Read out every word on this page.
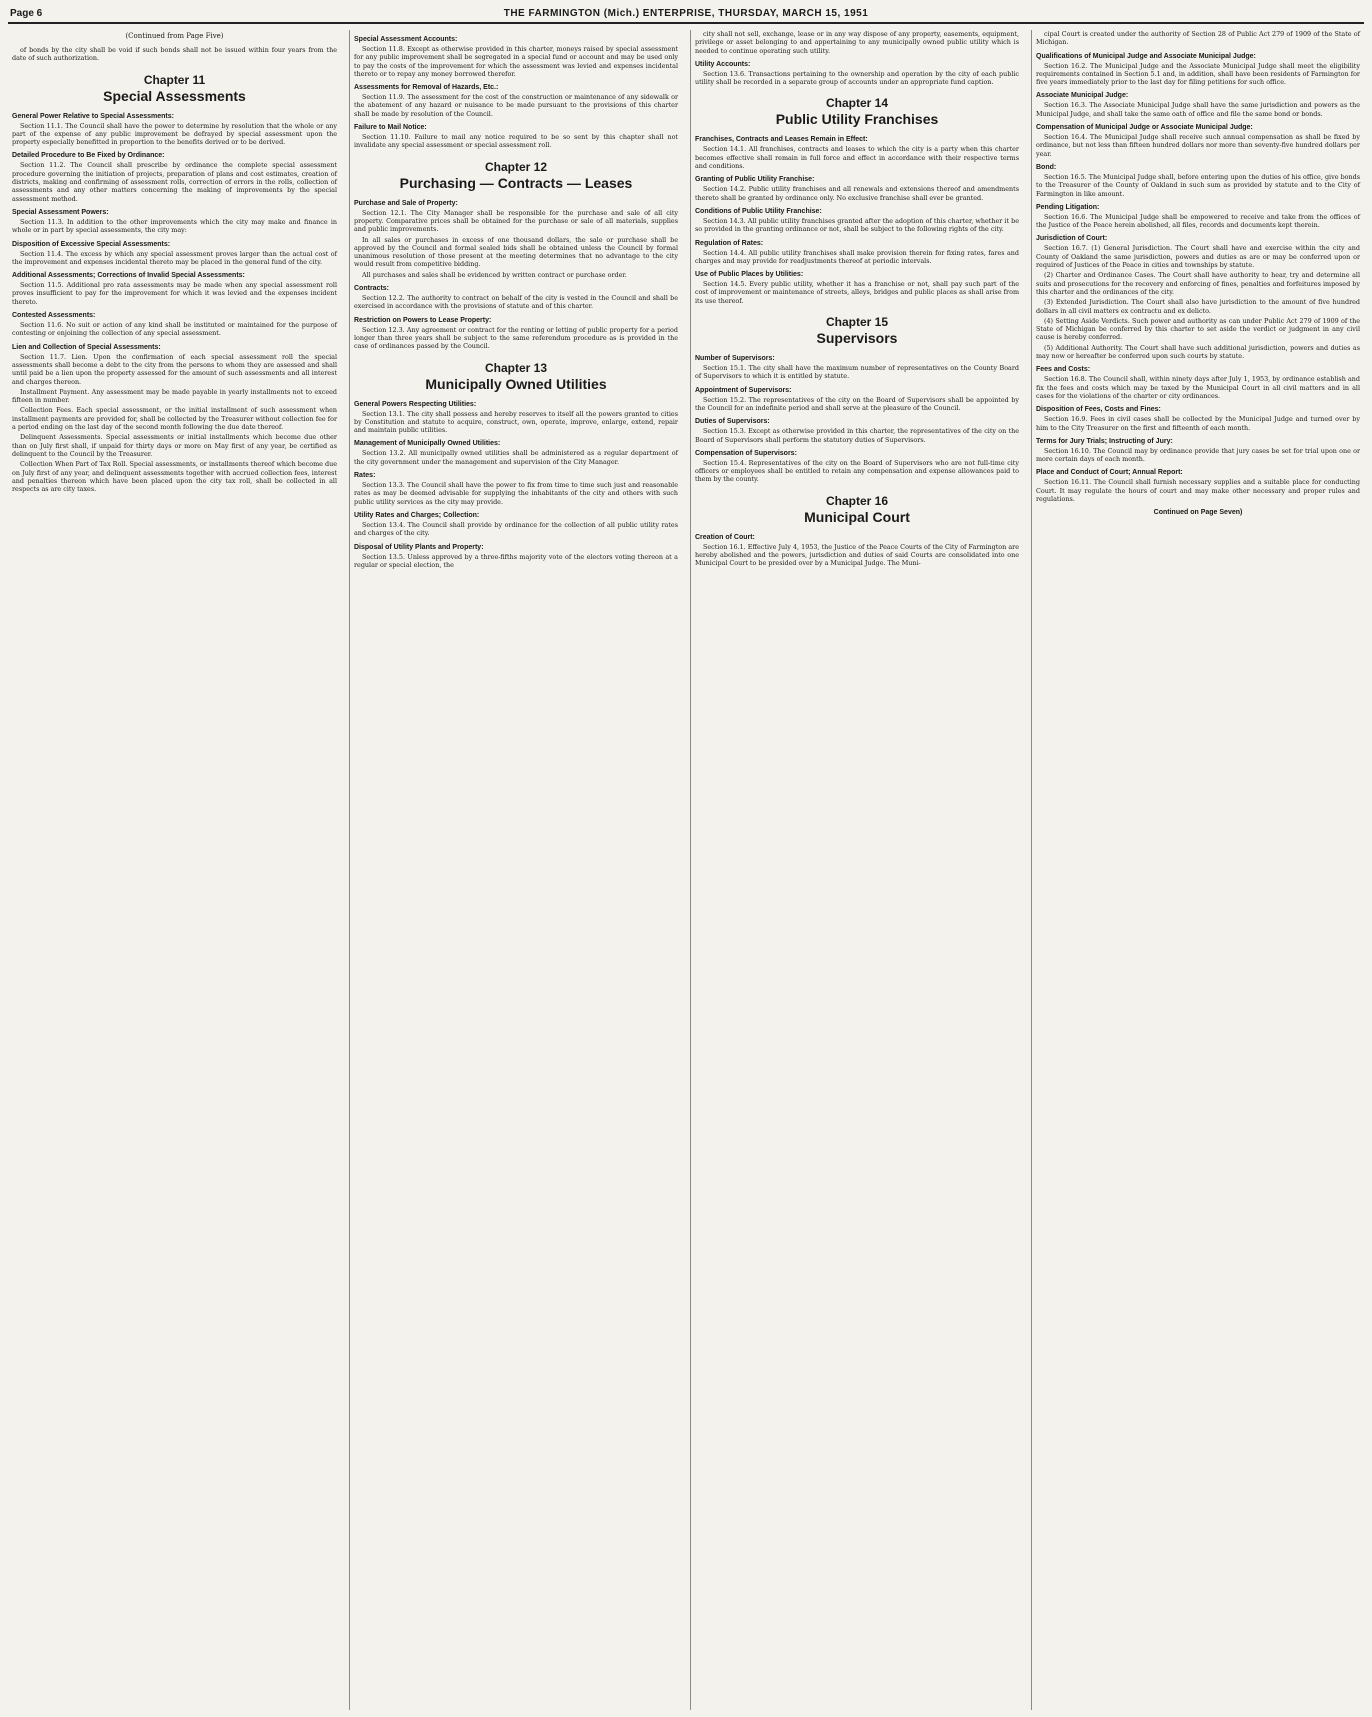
Page 6	THE FARMINGTON (Mich.) ENTERPRISE, THURSDAY, MARCH 15, 1951
(Continued from Page Five)
of bonds by the city shall be void if such bonds shall not be issued within four years from the date of such authorization.
Chapter 11
Special Assessments
General Power Relative to Special Assessments:
Section 11.1. The Council shall have the power to determine by resolution that the whole or any part of the expense of any public improvement be defrayed by special assessment upon the property especially benefitted in proportion to the benefits derived or to be derived.
Detailed Procedure to Be Fixed by Ordinance:
Section 11.2. The Council shall prescribe by ordinance the complete special assessment procedure governing the initiation of projects, preparation of plans and cost estimates, creation of districts, making and confirming of assessment rolls, correction of errors in the rolls, collection of assessments and any other matters concerning the making of improvements by the special assessment method.
Special Assessment Powers:
Section 11.3. In addition to the other improvements which the city may make and finance in whole or in part by special assessments, the city may:
Disposition of Excessive Special Assessments:
Section 11.4. The excess by which any special assessment proves larger than the actual cost of the improvement and expenses incidental thereto may be placed in the general fund of the city.
Additional Assessments; Corrections of Invalid Special Assessments:
Section 11.5. Additional pro rata assessments may be made when any special assessment roll proves insufficient to pay for the improvement for which it was levied and the expenses incident thereto.
Contested Assessments:
Section 11.6. No suit or action of any kind shall be instituted or maintained for the purpose of contesting or enjoining the collection of any special assessment.
Lien and Collection of Special Assessments:
Section 11.7. Lien. Upon the confirmation of each special assessment roll the special assessments shall become a debt to the city from the persons to whom they are assessed and shall until paid be a lien upon the property assessed for the amount of such assessments and all interest and charges thereon.
Installment Payment. Any assessment may be made payable in yearly installments not to exceed fifteen in number.
Collection Fees. Each special assessment, or the initial installment of such assessment when installment payments are provided for, shall be collected by the Treasurer without collection fee for a period ending on the last day of the second month following the due date thereof.
Delinquent Assessments. Special assessments or initial installments which become due other than on July first shall, if unpaid for thirty days or more on May first of any year, be certified as delinquent to the Council by the Treasurer.
Collection When Part of Tax Roll. Special assessments, or installments thereof which become due on July first of any year, and delinquent assessments together with accrued collection fees, interest and penalties thereon which have been placed upon the city tax roll, shall be collected in all respects as are city taxes.
Special Assessment Accounts:
Section 11.8. Except as otherwise provided in this charter, moneys raised by special assessment for any public improvement shall be segregated in a special fund or account and may be used only to pay the costs of the improvement for which the assessment was levied and expenses incidental thereto or to repay any money borrowed therefor.
Assessments for Removal of Hazards, Etc.:
Section 11.9. The assessment for the cost of the construction or maintenance of any sidewalk or the abatement of any hazard or nuisance to be made pursuant to the provisions of this charter shall be made by resolution of the Council.
Failure to Mail Notice:
Section 11.10. Failure to mail any notice required to be so sent by this chapter shall not invalidate any special assessment or special assessment roll.
Chapter 12
Purchasing — Contracts — Leases
Purchase and Sale of Property:
Section 12.1. The City Manager shall be responsible for the purchase and sale of all city property. Comparative prices shall be obtained for the purchase or sale of all materials, supplies and public improvements.
In all sales or purchases in excess of one thousand dollars, the sale or purchase shall be approved by the Council and formal sealed bids shall be obtained unless the Council by formal unanimous resolution of those present at the meeting determines that no advantage to the city would result from competitive bidding.
All purchases and sales shall be evidenced by written contract or purchase order.
Contracts:
Section 12.2. The authority to contract on behalf of the city is vested in the Council and shall be exercised in accordance with the provisions of statute and of this charter.
Restriction on Powers to Lease Property:
Section 12.3. Any agreement or contract for the renting or letting of public property for a period longer than three years shall be subject to the same referendum procedure as is provided in the case of ordinances passed by the Council.
Chapter 13
Municipally Owned Utilities
General Powers Respecting Utilities:
Section 13.1. The city shall possess and hereby reserves to itself all the powers granted to cities by Constitution and statute to acquire, construct, own, operate, improve, enlarge, extend, repair and maintain public utilities.
Management of Municipally Owned Utilities:
Section 13.2. All municipally owned utilities shall be administered as a regular department of the city government under the management and supervision of the City Manager.
Rates:
Section 13.3. The Council shall have the power to fix from time to time such just and reasonable rates as may be deemed advisable for supplying the inhabitants of the city and others with such public utility services as the city may provide.
Utility Rates and Charges; Collection:
Section 13.4. The Council shall provide by ordinance for the collection of all public utility rates and charges of the city.
Disposal of Utility Plants and Property:
Section 13.5. Unless approved by a three-fifths majority vote of the electors voting thereon at a regular or special election, the
city shall not sell, exchange, lease or in any way dispose of any property, easements, equipment, privilege or asset belonging to and appertaining to any municipally owned public utility which is needed to continue operating such utility.
Utility Accounts:
Section 13.6. Transactions pertaining to the ownership and operation by the city of each public utility shall be recorded in a separate group of accounts under an appropriate fund caption.
Chapter 14
Public Utility Franchises
Franchises, Contracts and Leases Remain in Effect:
Section 14.1. All franchises, contracts and leases to which the city is a party when this charter becomes effective shall remain in full force and effect in accordance with their respective terms and conditions.
Granting of Public Utility Franchise:
Section 14.2. Public utility franchises and all renewals and extensions thereof and amendments thereto shall be granted by ordinance only. No exclusive franchise shall ever be granted.
Conditions of Public Utility Franchise:
Section 14.3. All public utility franchises granted after the adoption of this charter, whether it be so provided in the granting ordinance or not, shall be subject to the following rights of the city.
Regulation of Rates:
Section 14.4. All public utility franchises shall make provision therein for fixing rates, fares and charges and may provide for readjustments thereof at periodic intervals.
Use of Public Places by Utilities:
Section 14.5. Every public utility, whether it has a franchise or not, shall pay such part of the cost of improvement or maintenance of streets, alleys, bridges and public places as shall arise from its use thereof.
Chapter 15
Supervisors
Number of Supervisors:
Section 15.1. The city shall have the maximum number of representatives on the County Board of Supervisors to which it is entitled by statute.
Appointment of Supervisors:
Section 15.2. The representatives of the city on the Board of Supervisors shall be appointed by the Council for an indefinite period and shall serve at the pleasure of the Council.
Duties of Supervisors:
Section 15.3. Except as otherwise provided in this charter, the representatives of the city on the Board of Supervisors shall perform the statutory duties of Supervisors.
Compensation of Supervisors:
Section 15.4. Representatives of the city on the Board of Supervisors who are not full-time city officers or employees shall be entitled to retain any compensation and expense allowances paid to them by the county.
Chapter 16
Municipal Court
Creation of Court:
Section 16.1. Effective July 4, 1953, the Justice of the Peace Courts of the City of Farmington are hereby abolished and the powers, jurisdiction and duties of said Courts are consolidated into one Municipal Court to be presided over by a Municipal Judge. The Muni-
cipal Court is created under the authority of Section 28 of Public Act 279 of 1909 of the State of Michigan.
Qualifications of Municipal Judge and Associate Municipal Judge:
Section 16.2. The Municipal Judge and the Associate Municipal Judge shall meet the eligibility requirements contained in Section 5.1 and, in addition, shall have been residents of Farmington for five years immediately prior to the last day for filing petitions for such office.
Associate Municipal Judge:
Section 16.3. The Associate Municipal Judge shall have the same jurisdiction and powers as the Municipal Judge, and shall take the same oath of office and file the same bond or bonds.
Compensation of Municipal Judge or Associate Municipal Judge:
Section 16.4. The Municipal Judge shall receive such annual compensation as shall be fixed by ordinance, but not less than fifteen hundred dollars nor more than seventy-five hundred dollars per year.
Bond:
Section 16.5. The Municipal Judge shall, before entering upon the duties of his office, give bonds to the Treasurer of the County of Oakland in such sum as provided by statute and to the City of Farmington in like amount.
Pending Litigation:
Section 16.6. The Municipal Judge shall be empowered to receive and take from the offices of the Justice of the Peace herein abolished, all files, records and documents kept therein.
Jurisdiction of Court:
Section 16.7. (1) General Jurisdiction. The Court shall have and exercise within the city and County of Oakland the same jurisdiction, powers and duties as are or may be conferred upon or required of Justices of the Peace in cities and townships by statute.
(2) Charter and Ordinance Cases. The Court shall have authority to hear, try and determine all suits and prosecutions for the recovery and enforcing of fines, penalties and forfeitures imposed by this charter and the ordinances of the city.
(3) Extended Jurisdiction. The Court shall also have jurisdiction to the amount of five hundred dollars in all civil matters ex contractu and ex delicto.
(4) Setting Aside Verdicts. Such power and authority as can under Public Act 279 of 1909 of the State of Michigan be conferred by this charter to set aside the verdict or judgment in any civil cause is hereby conferred.
(5) Additional Authority. The Court shall have such additional jurisdiction, powers and duties as may now or hereafter be conferred upon such courts by statute.
Fees and Costs:
Section 16.8. The Council shall, within ninety days after July 1, 1953, by ordinance establish and fix the fees and costs which may be taxed by the Municipal Court in all civil matters and in all cases for the violations of the charter or city ordinances.
Disposition of Fees, Costs and Fines:
Section 16.9. Fees in civil cases shall be collected by the Municipal Judge and turned over by him to the City Treasurer on the first and fifteenth of each month.
Terms for Jury Trials; Instructing of Jury:
Section 16.10. The Council may by ordinance provide that jury cases be set for trial upon one or more certain days of each month.
Place and Conduct of Court; Annual Report:
Section 16.11. The Council shall furnish necessary supplies and a suitable place for conducting Court. It may regulate the hours of court and may make other necessary and proper rules and regulations.
Continued on Page Seven)
